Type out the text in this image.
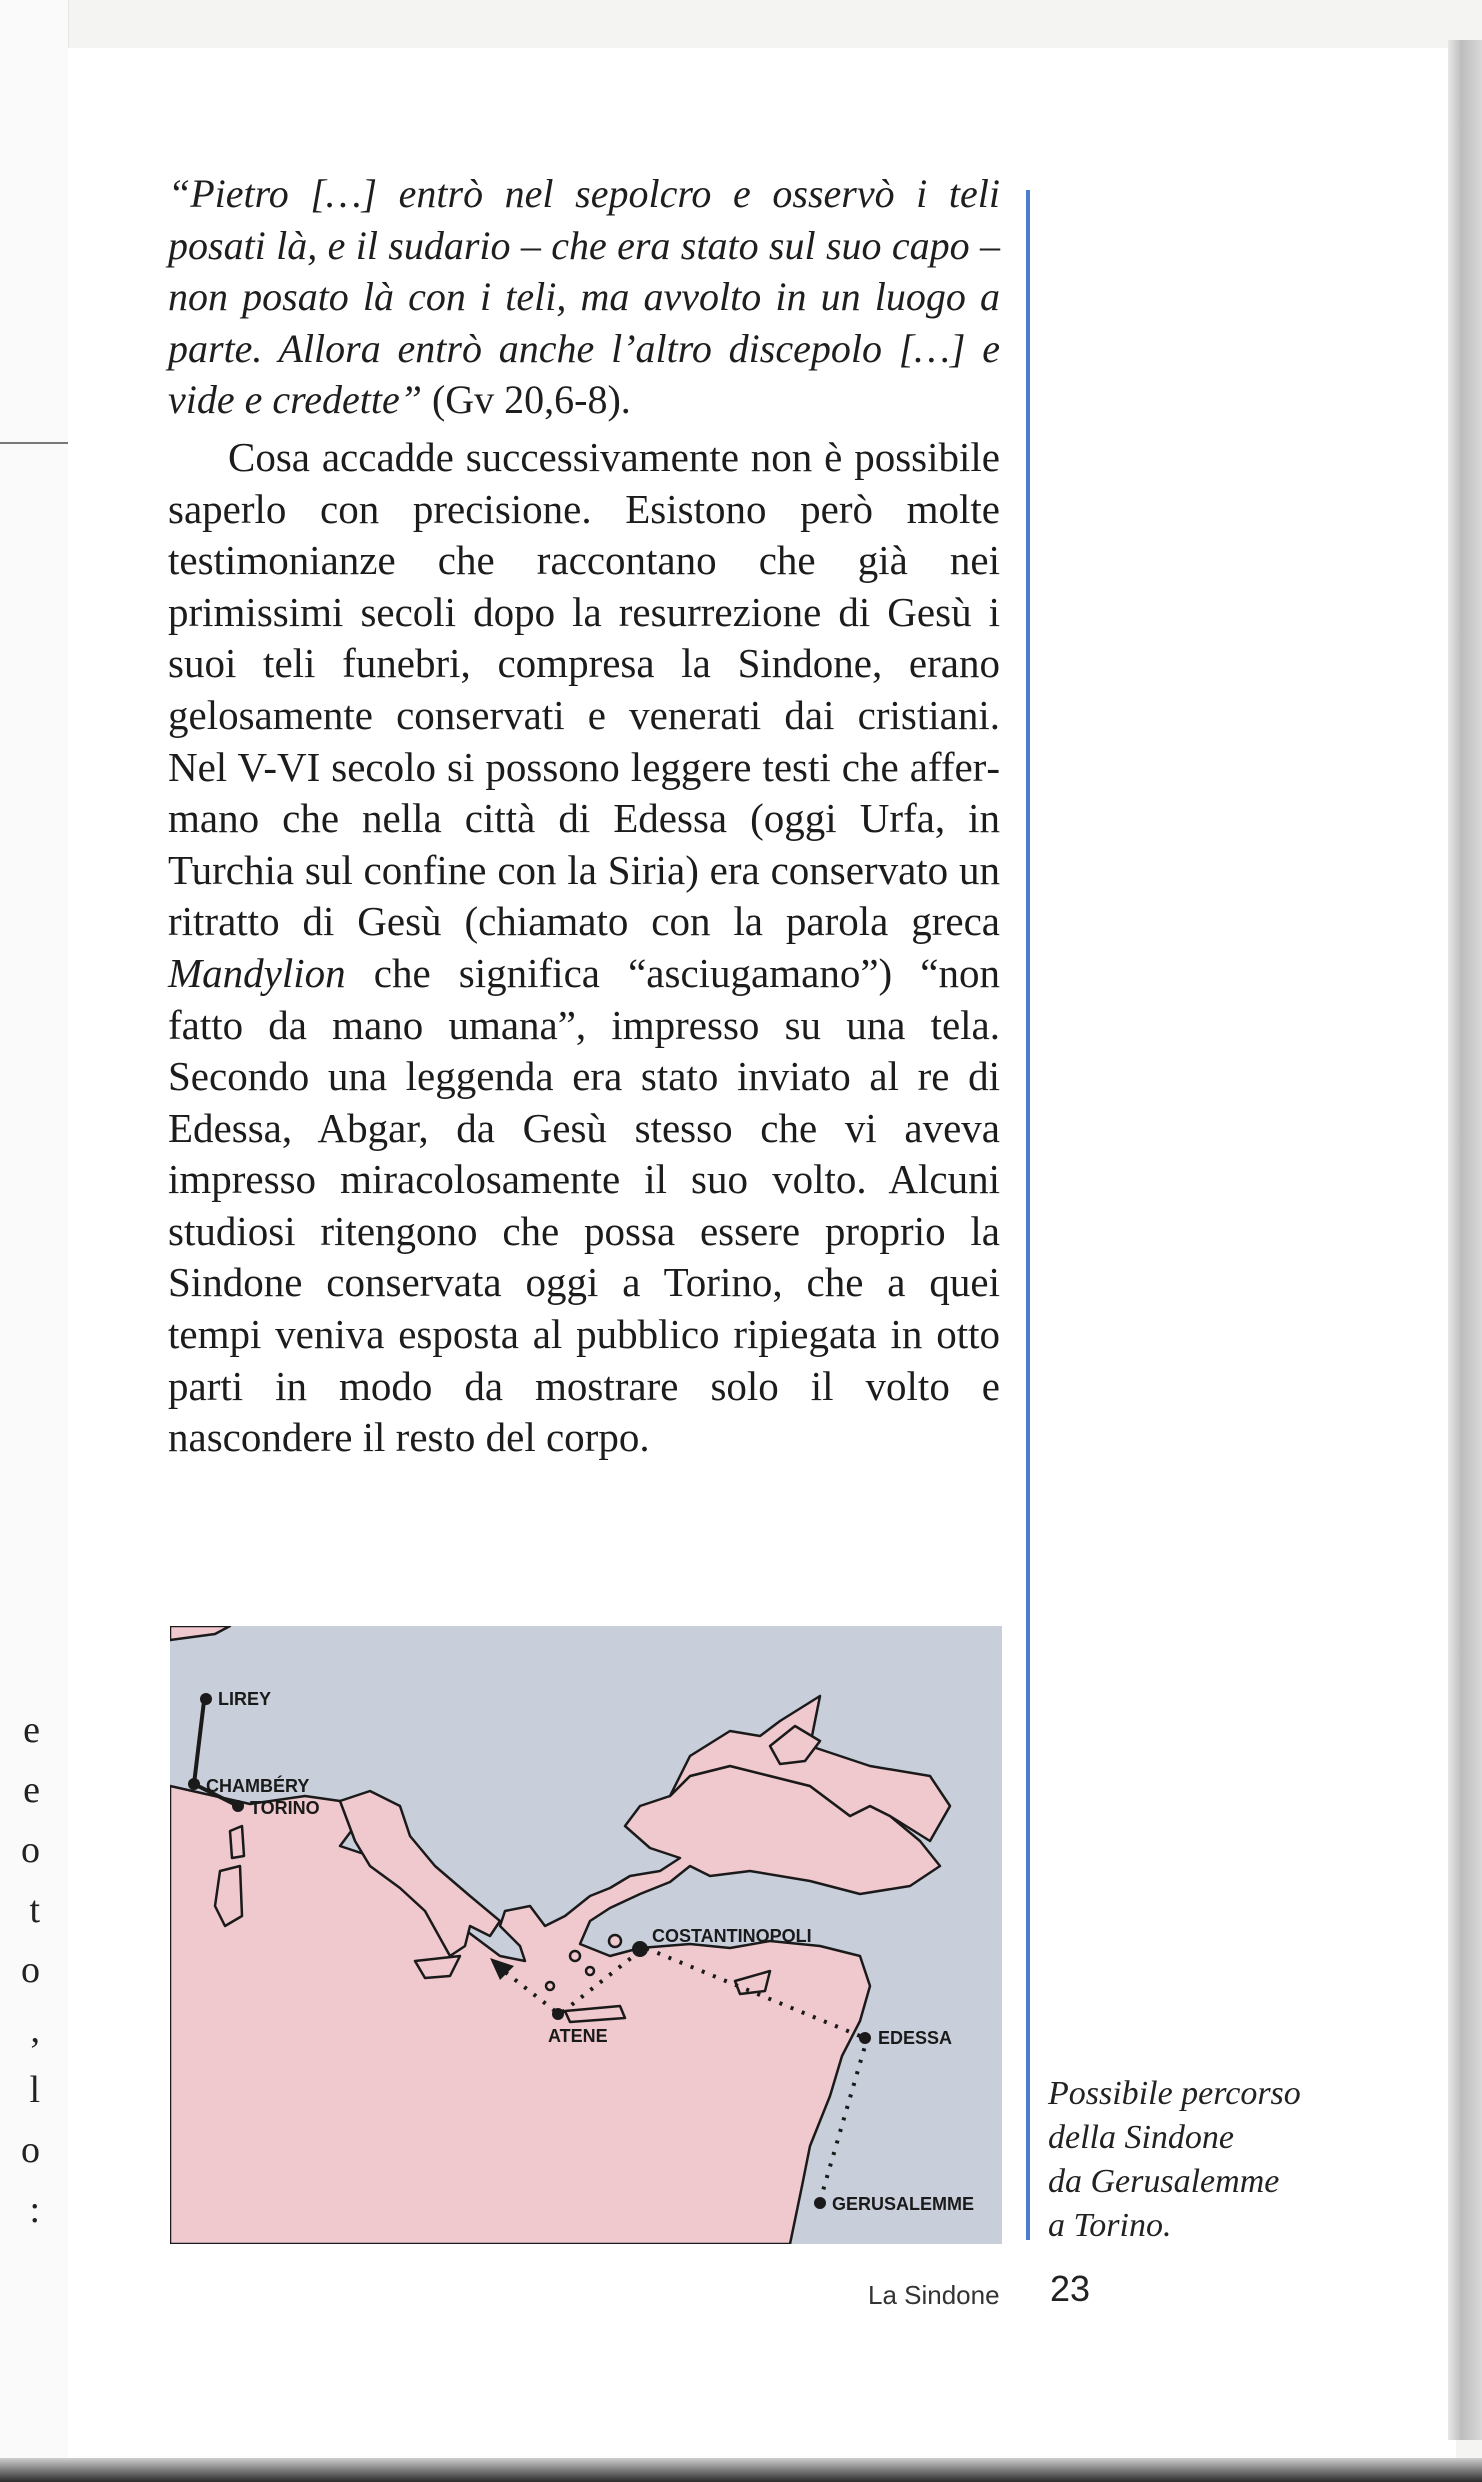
e
e
o
t
o
,
l
o
:

“Pietro […] entrò nel sepolcro e osservò i teli posati là, e il sudario – che era stato sul suo capo – non posato là con i teli, ma avvolto in un luogo a parte. Allora entrò anche l’altro discepolo […] e vide e credette” (Gv 20,6-8).

Cosa accadde successivamente non è possibile saperlo con precisione. Esistono però molte testimonianze che raccontano che già nei primissimi secoli dopo la resurrezione di Gesù i suoi teli funebri, compresa la Sindone, erano gelosamente conservati e venerati dai cristiani. Nel V-VI secolo si possono leggere testi che affermano che nella città di Edessa (oggi Urfa, in Turchia sul confine con la Siria) era conservato un ritratto di Gesù (chiamato con la parola greca Mandylion che significa “asciugamano”) “non fatto da mano umana”, impresso su una tela. Secondo una leggenda era stato inviato al re di Edessa, Abgar, da Gesù stesso che vi aveva impresso miracolosamente il suo volto. Alcuni studiosi ritengono che possa essere proprio la Sindone conservata oggi a Torino, che a quei tempi veniva esposta al pubblico ripiegata in otto parti in modo da mostrare solo il volto e nascondere il resto del corpo.

LIREY
CHAMBÉRY
TORINO
COSTANTINOPOLI
ATENE	EDESSA
GERUSALEMME

Possibile percorso
della Sindone
da Gerusalemme
a Torino.

La Sindone 23
